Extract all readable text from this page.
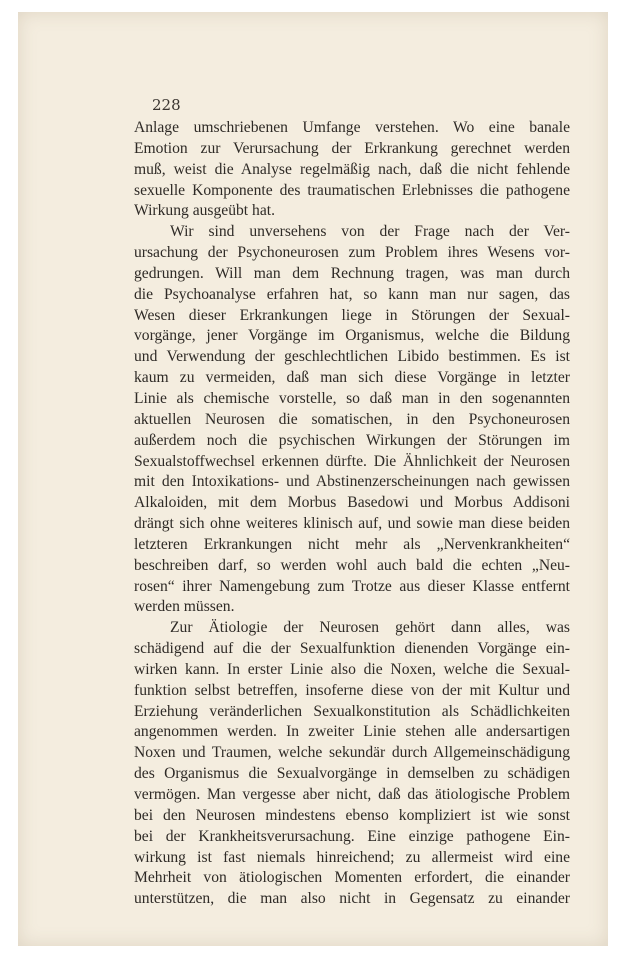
228
Anlage umschriebenen Umfange verstehen. Wo eine banale
Emotion zur Verursachung der Erkrankung gerechnet werden
muß, weist die Analyse regelmäßig nach, daß die nicht fehlende
sexuelle Komponente des traumatischen Erlebnisses die pathogene
Wirkung ausgeübt hat.
Wir sind unversehens von der Frage nach der Ver-
ursachung der Psychoneurosen zum Problem ihres Wesens vor-
gedrungen. Will man dem Rechnung tragen, was man durch
die Psychoanalyse erfahren hat, so kann man nur sagen, das
Wesen dieser Erkrankungen liege in Störungen der Sexual-
vorgänge, jener Vorgänge im Organismus, welche die Bildung
und Verwendung der geschlechtlichen Libido bestimmen. Es ist
kaum zu vermeiden, daß man sich diese Vorgänge in letzter
Linie als chemische vorstelle, so daß man in den sogenannten
aktuellen Neurosen die somatischen, in den Psychoneurosen
außerdem noch die psychischen Wirkungen der Störungen im
Sexualstoffwechsel erkennen dürfte. Die Ähnlichkeit der Neurosen
mit den Intoxikations- und Abstinenzerscheinungen nach gewissen
Alkaloiden, mit dem Morbus Basedowi und Morbus Addisoni
drängt sich ohne weiteres klinisch auf, und sowie man diese beiden
letzteren Erkrankungen nicht mehr als „Nervenkrankheiten“
beschreiben darf, so werden wohl auch bald die echten „Neu-
rosen“ ihrer Namengebung zum Trotze aus dieser Klasse entfernt
werden müssen.
Zur Ätiologie der Neurosen gehört dann alles, was
schädigend auf die der Sexualfunktion dienenden Vorgänge ein-
wirken kann. In erster Linie also die Noxen, welche die Sexual-
funktion selbst betreffen, insoferne diese von der mit Kultur und
Erziehung veränderlichen Sexualkonstitution als Schädlichkeiten
angenommen werden. In zweiter Linie stehen alle andersartigen
Noxen und Traumen, welche sekundär durch Allgemeinschädigung
des Organismus die Sexualvorgänge in demselben zu schädigen
vermögen. Man vergesse aber nicht, daß das ätiologische Problem
bei den Neurosen mindestens ebenso kompliziert ist wie sonst
bei der Krankheitsverursachung. Eine einzige pathogene Ein-
wirkung ist fast niemals hinreichend; zu allermeist wird eine
Mehrheit von ätiologischen Momenten erfordert, die einander
unterstützen, die man also nicht in Gegensatz zu einander
